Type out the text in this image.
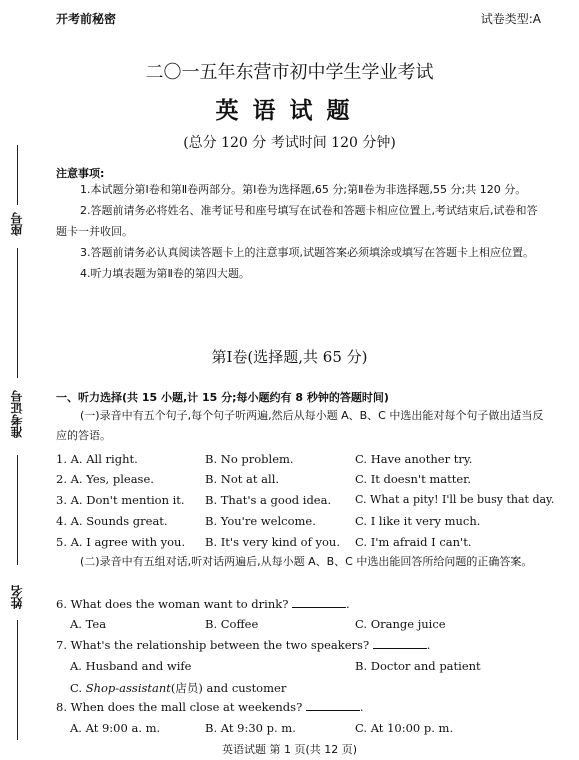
开考前秘密	试卷类型:A
二〇一五年东营市初中学生学业考试
英语试题
(总分 120 分 考试时间 120 分钟)
注意事项:

1.本试题分第Ⅰ卷和第Ⅱ卷两部分。第Ⅰ卷为选择题,65 分;第Ⅱ卷为非选择题,55 分;共 120 分。

2.答题前请务必将姓名、准考证号和座号填写在试卷和答题卡相应位置上,考试结束后,试卷和答题卡一并收回。

3.答题前请务必认真阅读答题卡上的注意事项,试题答案必须填涂或填写在答题卡上相应位置。

4.听力填表题为第Ⅱ卷的第四大题。

座号
准考证号
姓名
第Ⅰ卷(选择题,共 65 分)
一、听力选择(共 15 小题,计 15 分;每小题约有 8 秒钟的答题时间)

(一)录音中有五个句子,每个句子听两遍,然后从每小题 A、B、C 中选出能对每个句子做出适当反应的答语。

1. A. All right.	B. No problem.	C. Have another try.
2. A. Yes, please.	B. Not at all.	C. It doesn't matter.
3. A. Don't mention it. B. That's a good idea. C. What a pity! I'll be busy that day.
4. A. Sounds great.	B. You're welcome.	C. I like it very much.
5. A. I agree with you. B. It's very kind of you. C. I'm afraid I can't.

(二)录音中有五组对话,听对话两遍后,从每小题 A、B、C 中选出能回答所给问题的正确答案。

6. What does the woman want to drink?	.
A. Tea	B. Coffee	C. Orange juice
7. What's the relationship between the two speakers?	.
A. Husband and wife	B. Doctor and patient
C. Shop-assistant(店员) and customer
8. When does the mall close at weekends?	.
A. At 9:00 a. m.	B. At 9:30 p. m.	C. At 10:00 p. m.
英语试题 第 1 页(共 12 页)
